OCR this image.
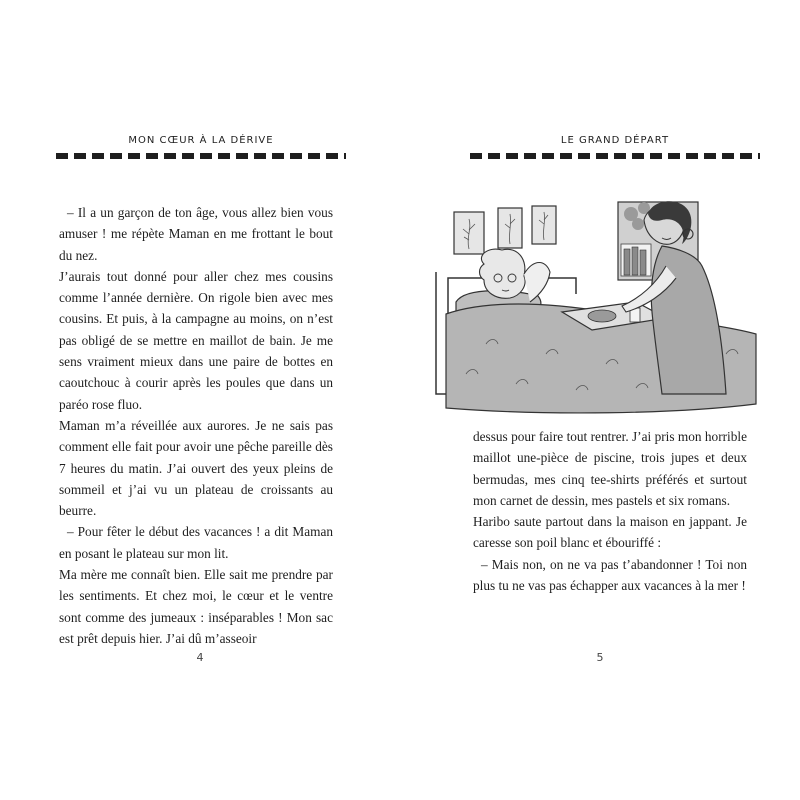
MON CŒUR À LA DÉRIVE

– Il a un garçon de ton âge, vous allez bien vous amuser ! me répète Maman en me frottant le bout du nez.

J’aurais tout donné pour aller chez mes cousins comme l’année dernière. On rigole bien avec mes cousins. Et puis, à la campagne au moins, on n’est pas obligé de se mettre en maillot de bain. Je me sens vraiment mieux dans une paire de bottes en caoutchouc à courir après les poules que dans un paréo rose fluo.

Maman m’a réveillée aux aurores. Je ne sais pas comment elle fait pour avoir une pêche pareille dès 7 heures du matin. J’ai ouvert des yeux pleins de sommeil et j’ai vu un plateau de croissants au beurre.

– Pour fêter le début des vacances ! a dit Maman en posant le plateau sur mon lit.

Ma mère me connaît bien. Elle sait me prendre par les sentiments. Et chez moi, le cœur et le ventre sont comme des jumeaux : inséparables ! Mon sac est prêt depuis hier. J’ai dû m’asseoir

4
LE GRAND DÉPART

dessus pour faire tout rentrer. J’ai pris mon horrible maillot une-pièce de piscine, trois jupes et deux bermudas, mes cinq tee-shirts préférés et surtout mon carnet de dessin, mes pastels et six romans.

Haribo saute partout dans la maison en jappant. Je caresse son poil blanc et ébouriffé :

– Mais non, on ne va pas t’abandonner ! Toi non plus tu ne vas pas échapper aux vacances à la mer !

5
